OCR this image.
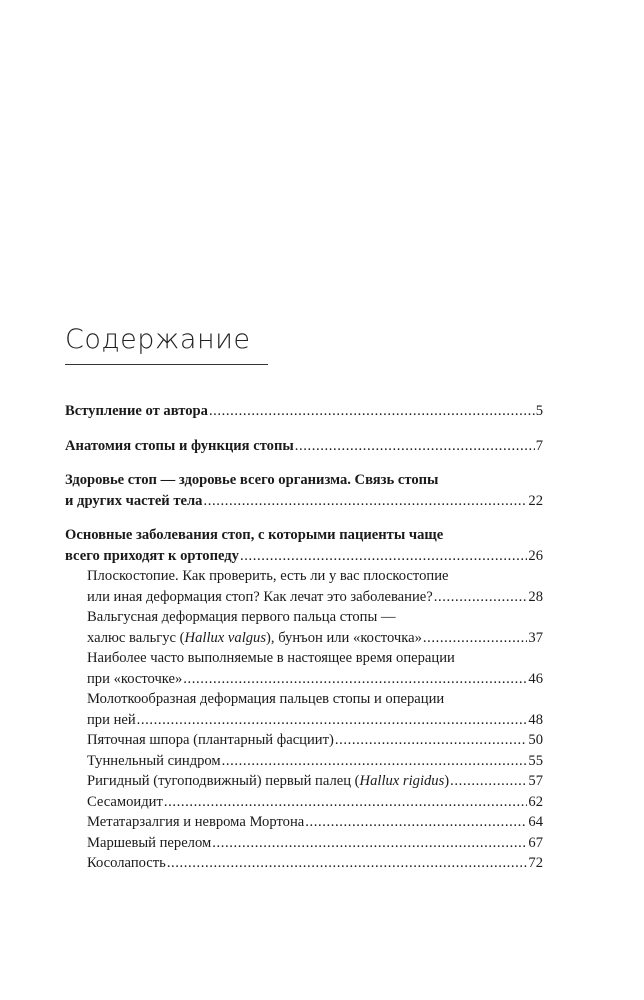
Содержание
Вступление от автора .....	5
Анатомия стопы и функция стопы .....	7
Здоровье стоп — здоровье всего организма. Связь стопы
и других частей тела .....	22
Основные заболевания стоп, с которыми пациенты чаще
всего приходят к ортопеду .....	26
Плоскостопие. Как проверить, есть ли у вас плоскостопие
или иная деформация стоп? Как лечат это заболевание? .....	28
Вальгусная деформация первого пальца стопы —
халюс вальгус (Hallux valgus), бунъон или «косточка» .....	37
Наиболее часто выполняемые в настоящее время операции
при «косточке» .....	46
Молоткообразная деформация пальцев стопы и операции
при ней .....	48
Пяточная шпора (плантарный фасциит) .....	50
Туннельный синдром .....	55
Ригидный (тугоподвижный) первый палец (Hallux rigidus) .....	57
Сесамоидит .....	62
Метатарзалгия и неврома Мортона .....	64
Маршевый перелом .....	67
Косолапость .....	72
